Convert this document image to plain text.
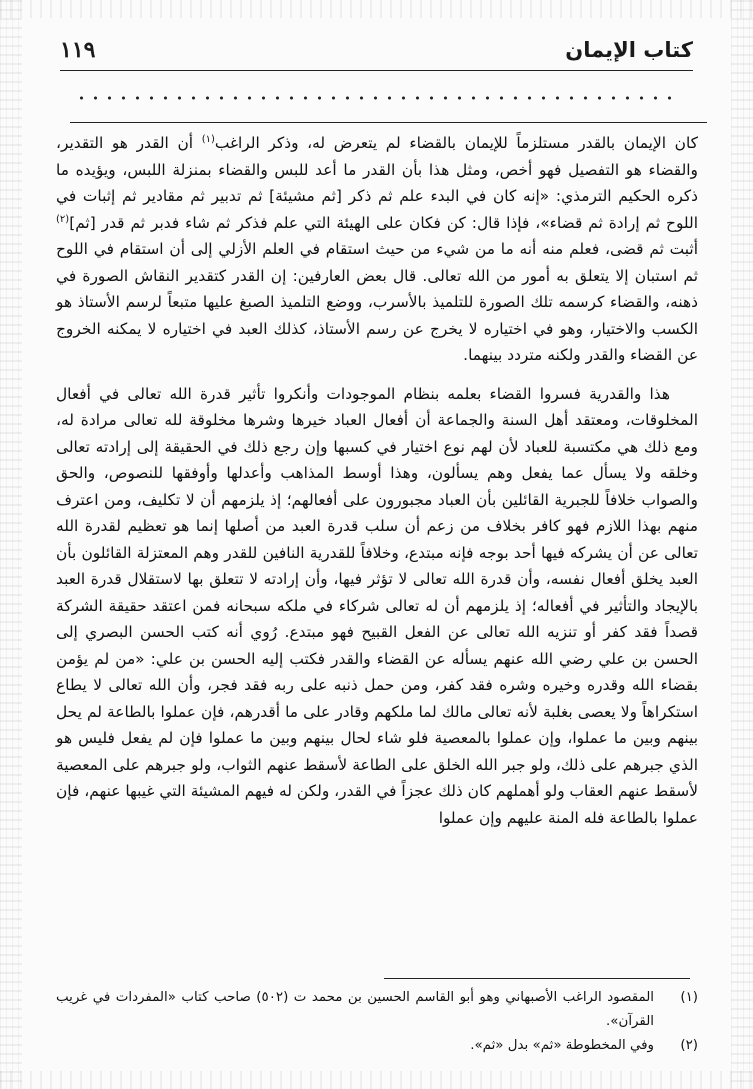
١١٩	كتاب الإيمان

كان الإيمان بالقدر مستلزماً للإيمان بالقضاء لم يتعرض له، وذكر الراغب$^{(١)}$ أن القدر هو التقدير، والقضاء هو التفصيل فهو أخص، ومثل هذا بأن القدر ما أعد للبس والقضاء بمنزلة اللبس، ويؤيده ما ذكره الحكيم الترمذي: «إنه كان في البدء علم ثم ذكر [ثم مشيئة] ثم تدبير ثم مقادير ثم إثبات في اللوح ثم إرادة ثم قضاء»، فإذا قال: كن فكان على الهيئة التي علم فذكر ثم شاء فدبر ثم قدر [ثم]$^{(٢)}$ أثبت ثم قضى، فعلم منه أنه ما من شيء من حيث استقام في العلم الأزلي إلى أن استقام في اللوح ثم استبان إلا يتعلق به أمور من الله تعالى. قال بعض العارفين: إن القدر كتقدير النقاش الصورة في ذهنه، والقضاء كرسمه تلك الصورة للتلميذ بالأسرب، ووضع التلميذ الصبغ عليها متبعاً لرسم الأستاذ هو الكسب والاختيار، وهو في اختياره لا يخرج عن رسم الأستاذ، كذلك العبد في اختياره لا يمكنه الخروج عن القضاء والقدر ولكنه متردد بينهما.

هذا والقدرية فسروا القضاء بعلمه بنظام الموجودات وأنكروا تأثير قدرة الله تعالى في أفعال المخلوقات، ومعتقد أهل السنة والجماعة أن أفعال العباد خيرها وشرها مخلوقة لله تعالى مرادة له، ومع ذلك هي مكتسبة للعباد لأن لهم نوع اختيار في كسبها وإن رجع ذلك في الحقيقة إلى إرادته تعالى وخلقه ولا يسأل عما يفعل وهم يسألون، وهذا أوسط المذاهب وأعدلها وأوفقها للنصوص، والحق والصواب خلافاً للجبرية القائلين بأن العباد مجبورون على أفعالهم؛ إذ يلزمهم أن لا تكليف، ومن اعترف منهم بهذا اللازم فهو كافر بخلاف من زعم أن سلب قدرة العبد من أصلها إنما هو تعظيم لقدرة الله تعالى عن أن يشركه فيها أحد بوجه فإنه مبتدع، وخلافاً للقدرية النافين للقدر وهم المعتزلة القائلون بأن العبد يخلق أفعال نفسه، وأن قدرة الله تعالى لا تؤثر فيها، وأن إرادته لا تتعلق بها لاستقلال قدرة العبد بالإيجاد والتأثير في أفعاله؛ إذ يلزمهم أن له تعالى شركاء في ملكه سبحانه فمن اعتقد حقيقة الشركة قصداً فقد كفر أو تنزيه الله تعالى عن الفعل القبيح فهو مبتدع. رُوي أنه كتب الحسن البصري إلى الحسن بن علي رضي الله عنهم يسأله عن القضاء والقدر فكتب إليه الحسن بن علي: «من لم يؤمن بقضاء الله وقدره وخيره وشره فقد كفر، ومن حمل ذنبه على ربه فقد فجر، وأن الله تعالى لا يطاع استكراهاً ولا يعصى بغلبة لأنه تعالى مالك لما ملكهم وقادر على ما أقدرهم، فإن عملوا بالطاعة لم يحل بينهم وبين ما عملوا، وإن عملوا بالمعصية فلو شاء لحال بينهم وبين ما عملوا فإن لم يفعل فليس هو الذي جبرهم على ذلك، ولو جبر الله الخلق على الطاعة لأسقط عنهم الثواب، ولو جبرهم على المعصية لأسقط عنهم العقاب ولو أهملهم كان ذلك عجزاً في القدر، ولكن له فيهم المشيئة التي غيبها عنهم، فإن عملوا بالطاعة فله المنة عليهم وإن عملوا

(١)
المقصود الراغب الأصبهاني وهو أبو القاسم الحسين بن محمد ت (٥٠٢) صاحب كتاب «المفردات في غريب القرآن».

(٢)
وفي المخطوطة «ثم» بدل «ثم».
